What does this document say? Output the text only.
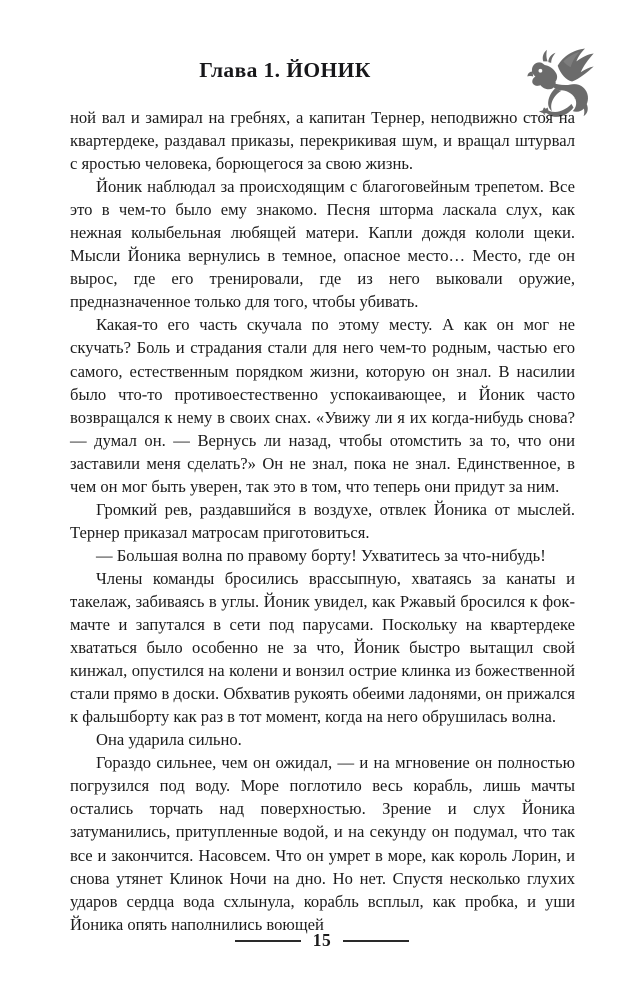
Глава 1. ЙОНИК

ной вал и замирал на гребнях, а капитан Тернер, неподвижно стоя на квартердеке, раздавал приказы, перекрикивая шум, и вращал штурвал с яростью человека, борющегося за свою жизнь.

Йоник наблюдал за происходящим с благоговейным трепетом. Все это в чем-то было ему знакомо. Песня шторма ласкала слух, как нежная колыбельная любящей матери. Капли дождя кололи щеки. Мысли Йоника вернулись в темное, опасное место… Место, где он вырос, где его тренировали, где из него выковали оружие, предназначенное только для того, чтобы убивать.

Какая-то его часть скучала по этому месту. А как он мог не скучать? Боль и страдания стали для него чем-то родным, частью его самого, естественным порядком жизни, которую он знал. В насилии было что-то противоестественно успокаивающее, и Йоник часто возвращался к нему в своих снах. «Увижу ли я их когда-нибудь снова? — думал он. — Вернусь ли назад, чтобы отомстить за то, что они заставили меня сделать?» Он не знал, пока не знал. Единственное, в чем он мог быть уверен, так это в том, что теперь они придут за ним.

Громкий рев, раздавшийся в воздухе, отвлек Йоника от мыслей. Тернер приказал матросам приготовиться.

— Большая волна по правому борту! Ухватитесь за что-нибудь!

Члены команды бросились врассыпную, хватаясь за канаты и такелаж, забиваясь в углы. Йоник увидел, как Ржавый бросился к фок-мачте и запутался в сети под парусами. Поскольку на квартердеке хвататься было особенно не за что, Йоник быстро вытащил свой кинжал, опустился на колени и вонзил острие клинка из божественной стали прямо в доски. Обхватив рукоять обеими ладонями, он прижался к фальшборту как раз в тот момент, когда на него обрушилась волна.

Она ударила сильно.

Гораздо сильнее, чем он ожидал, — и на мгновение он полностью погрузился под воду. Море поглотило весь корабль, лишь мачты остались торчать над поверхностью. Зрение и слух Йоника затуманились, притупленные водой, и на секунду он подумал, что так все и закончится. Насовсем. Что он умрет в море, как король Лорин, и снова утянет Клинок Ночи на дно. Но нет. Спустя несколько глухих ударов сердца вода схлынула, корабль всплыл, как пробка, и уши Йоника опять наполнились воющей

15
